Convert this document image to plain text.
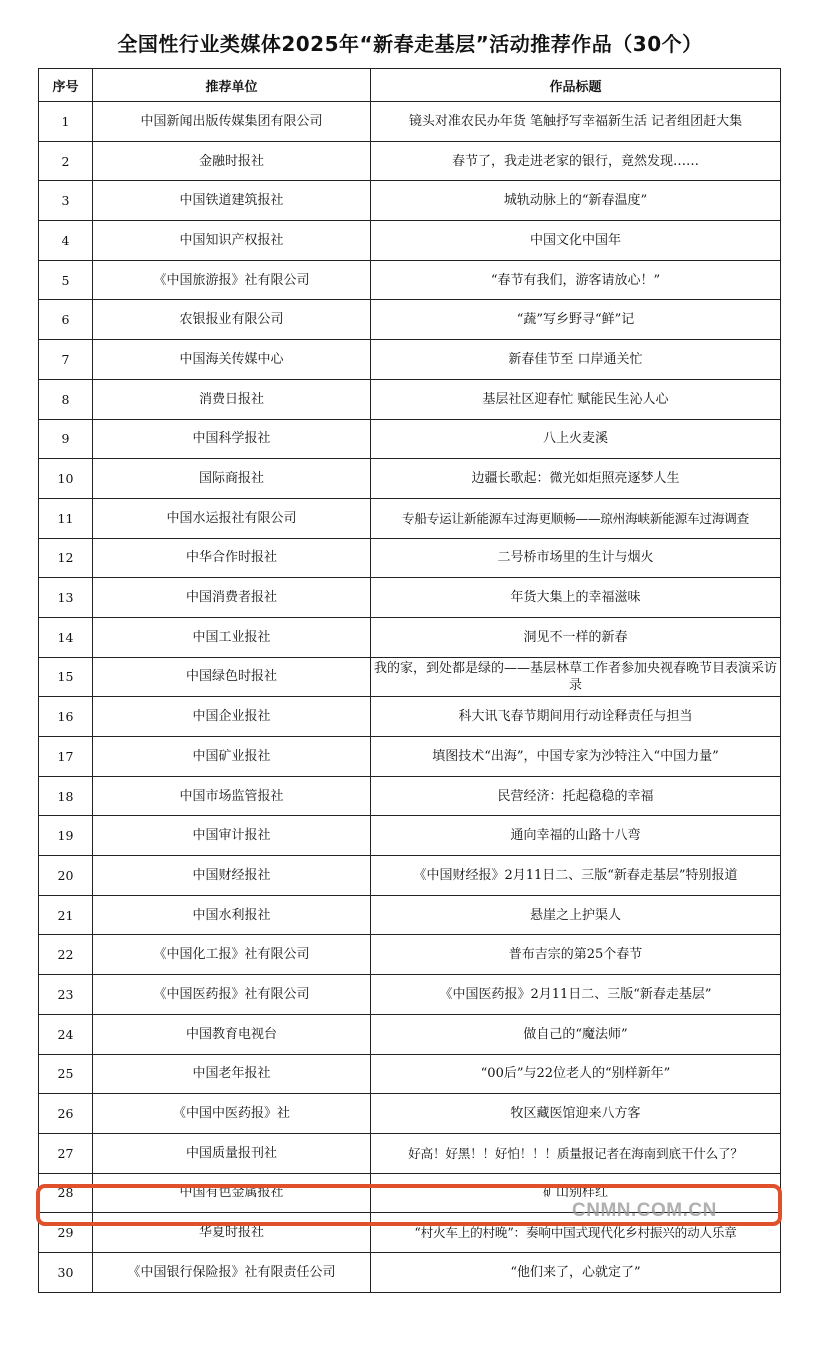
全国性行业类媒体2025年“新春走基层”活动推荐作品（30个）
序号	推荐单位	作品标题
1	中国新闻出版传媒集团有限公司	镜头对准农民办年货 笔触抒写幸福新生活 记者组团赶大集
2	金融时报社	春节了，我走进老家的银行，竟然发现……
3	中国铁道建筑报社	城轨动脉上的“新春温度”
4	中国知识产权报社	中国文化中国年
5	《中国旅游报》社有限公司	“春节有我们，游客请放心！”
6	农银报业有限公司	“蔬”写乡野寻“鲜”记
7	中国海关传媒中心	新春佳节至 口岸通关忙
8	消费日报社	基层社区迎春忙 赋能民生沁人心
9	中国科学报社	八上火麦溪
10	国际商报社	边疆长歌起：微光如炬照亮逐梦人生
11	中国水运报社有限公司	专船专运让新能源车过海更顺畅——琼州海峡新能源车过海调查
12	中华合作时报社	二号桥市场里的生计与烟火
13	中国消费者报社	年货大集上的幸福滋味
14	中国工业报社	洞见不一样的新春
15	中国绿色时报社	我的家，到处都是绿的——基层林草工作者参加央视春晚节目表演采访录
16	中国企业报社	科大讯飞春节期间用行动诠释责任与担当
17	中国矿业报社	填图技术“出海”，中国专家为沙特注入“中国力量”
18	中国市场监管报社	民营经济：托起稳稳的幸福
19	中国审计报社	通向幸福的山路十八弯
20	中国财经报社	《中国财经报》2月11日二、三版“新春走基层”特别报道
21	中国水利报社	悬崖之上护渠人
22	《中国化工报》社有限公司	普布吉宗的第25个春节
23	《中国医药报》社有限公司	《中国医药报》2月11日二、三版“新春走基层”
24	中国教育电视台	做自己的“魔法师”
25	中国老年报社	“00后”与22位老人的“别样新年”
26	《中国中医药报》社	牧区藏医馆迎来八方客
27	中国质量报刊社	好高！好黑！！好怕！！！质量报记者在海南到底干什么了？
28	中国有色金属报社	矿山别样红
29	华夏时报社	“村火车上的村晚”：奏响中国式现代化乡村振兴的动人乐章
30	《中国银行保险报》社有限责任公司	“他们来了，心就定了”
CNMN.COM.CN
